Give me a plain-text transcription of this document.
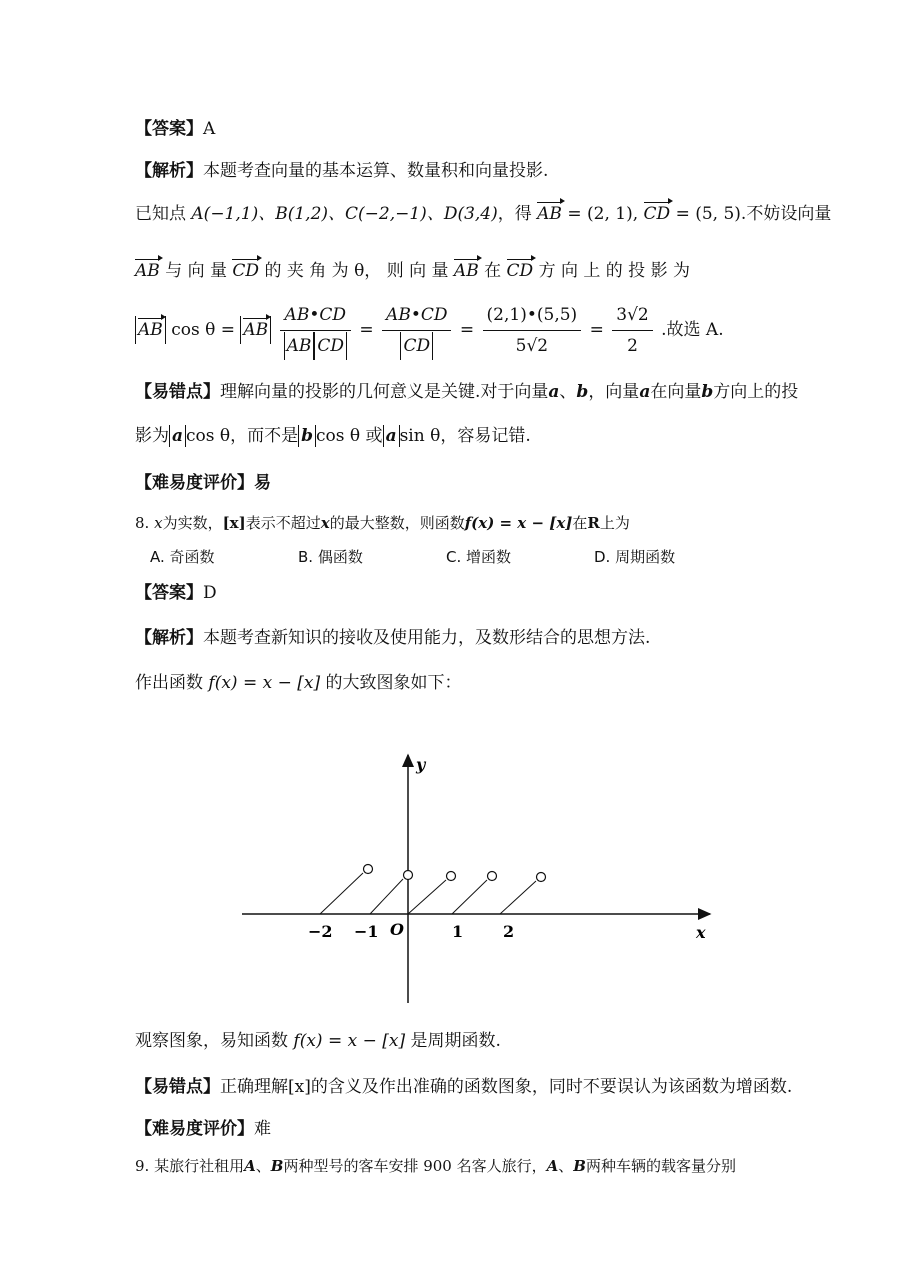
【答案】A
【解析】本题考查向量的基本运算、数量积和向量投影.
已知点 A(−1,1)、B(1,2)、C(−2,−1)、D(3,4)，得 AB = (2, 1), CD = (5, 5).不妨设向量
AB 与 向 量 CD 的 夹 角 为 θ， 则 向 量 AB 在 CD 方 向 上 的 投 影 为
AB cos θ = AB $\frac{AB•CD}{\text{AB CD}} = \frac{AB•CD}{CD} = \frac{(2,1)•(5,5)}{5√2} = \frac{3√2}{2}$ .故选 A.
【易错点】理解向量的投影的几何意义是关键.对于向量a、b，向量a在向量b方向上的投
影为 a cos θ，而不是 b cos θ 或 a sin θ，容易记错.
【难易度评价】易
8. x为实数，[x]表示不超过x的最大整数，则函数f(x) = x − [x]在R上为
A. 奇函数	B. 偶函数	C. 增函数	D. 周期函数
【答案】D
【解析】本题考查新知识的接收及使用能力，及数形结合的思想方法.
作出函数 f(x) = x − [x] 的大致图象如下：
y
x
O
−2 −1	1 2
观察图象，易知函数 f(x) = x − [x] 是周期函数.
【易错点】正确理解[x]的含义及作出准确的函数图象，同时不要误认为该函数为增函数.
【难易度评价】难
9. 某旅行社租用A、B两种型号的客车安排 900 名客人旅行，A、B两种车辆的载客量分别
